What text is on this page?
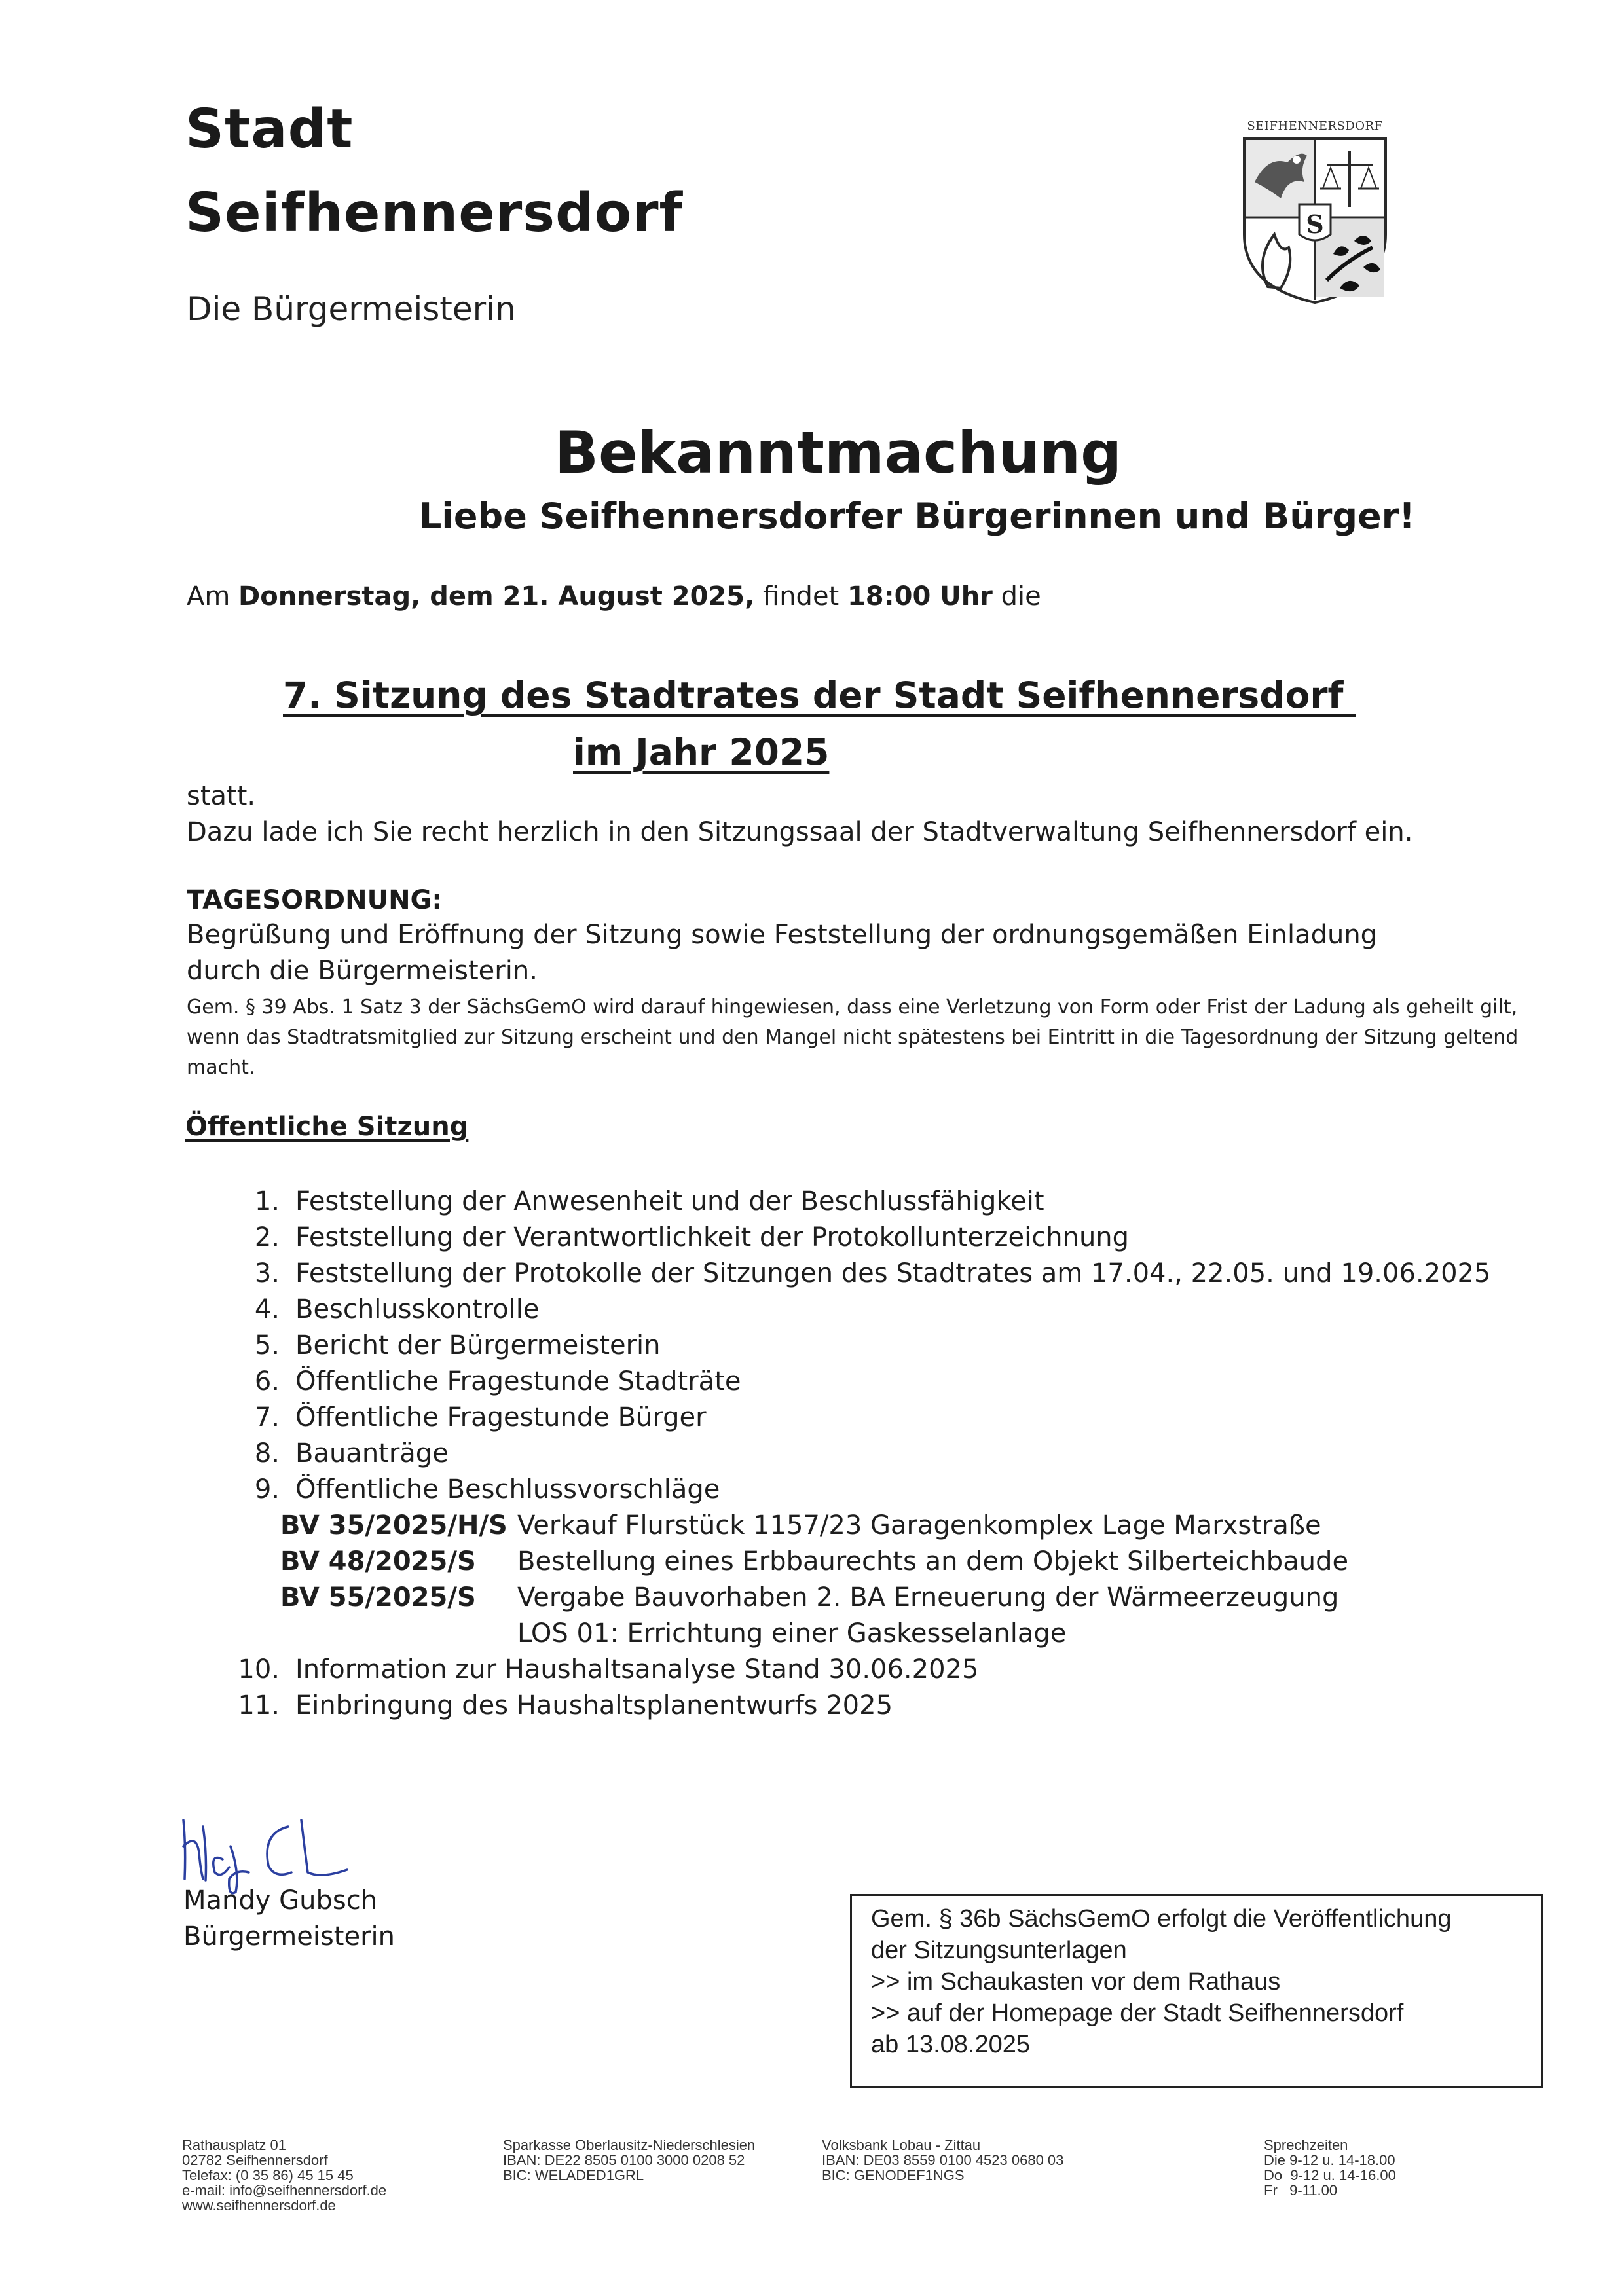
Stadt
Seifhennersdorf
Die Bürgermeisterin
SEIFHENNERSDORF
S
Bekanntmachung
Liebe Seifhennersdorfer Bürgerinnen und Bürger!
Am Donnerstag, dem 21. August 2025, findet 18:00 Uhr die
7. Sitzung des Stadtrates der Stadt Seifhennersdorf
im Jahr 2025
statt.
Dazu lade ich Sie recht herzlich in den Sitzungssaal der Stadtverwaltung Seifhennersdorf ein.
TAGESORDNUNG:
Begrüßung und Eröffnung der Sitzung sowie Feststellung der ordnungsgemäßen Einladung
durch die Bürgermeisterin.
Gem. § 39 Abs. 1 Satz 3 der SächsGemO wird darauf hingewiesen, dass eine Verletzung von Form oder Frist der Ladung als geheilt gilt,
wenn das Stadtratsmitglied zur Sitzung erscheint und den Mangel nicht spätestens bei Eintritt in die Tagesordnung der Sitzung geltend
macht.
Öffentliche Sitzung
1. Feststellung der Anwesenheit und der Beschlussfähigkeit
2. Feststellung der Verantwortlichkeit der Protokollunterzeichnung
3. Feststellung der Protokolle der Sitzungen des Stadtrates am 17.04., 22.05. und 19.06.2025
4. Beschlusskontrolle
5. Bericht der Bürgermeisterin
6. Öffentliche Fragestunde Stadträte
7. Öffentliche Fragestunde Bürger
8. Bauanträge
9. Öffentliche Beschlussvorschläge
BV 35/2025/H/S Verkauf Flurstück 1157/23 Garagenkomplex Lage Marxstraße
BV 48/2025/S Bestellung eines Erbbaurechts an dem Objekt Silberteichbaude
BV 55/2025/S Vergabe Bauvorhaben 2. BA Erneuerung der Wärmeerzeugung
LOS 01: Errichtung einer Gaskesselanlage
10. Information zur Haushaltsanalyse Stand 30.06.2025
11. Einbringung des Haushaltsplanentwurfs 2025
Mandy Gubsch
Bürgermeisterin
Gem. § 36b SächsGemO erfolgt die Veröffentlichung
der Sitzungsunterlagen
>> im Schaukasten vor dem Rathaus
>> auf der Homepage der Stadt Seifhennersdorf
ab 13.08.2025
Rathausplatz 01
02782 Seifhennersdorf
Telefax: (0 35 86) 45 15 45
e-mail: info@seifhennersdorf.de
www.seifhennersdorf.de
Sparkasse Oberlausitz-Niederschlesien
IBAN: DE22 8505 0100 3000 0208 52
BIC: WELADED1GRL
Volksbank Lobau - Zittau
IBAN: DE03 8559 0100 4523 0680 03
BIC: GENODEF1NGS
Sprechzeiten
Die 9-12 u. 14-18.00
Do  9-12 u. 14-16.00
Fr   9-11.00
